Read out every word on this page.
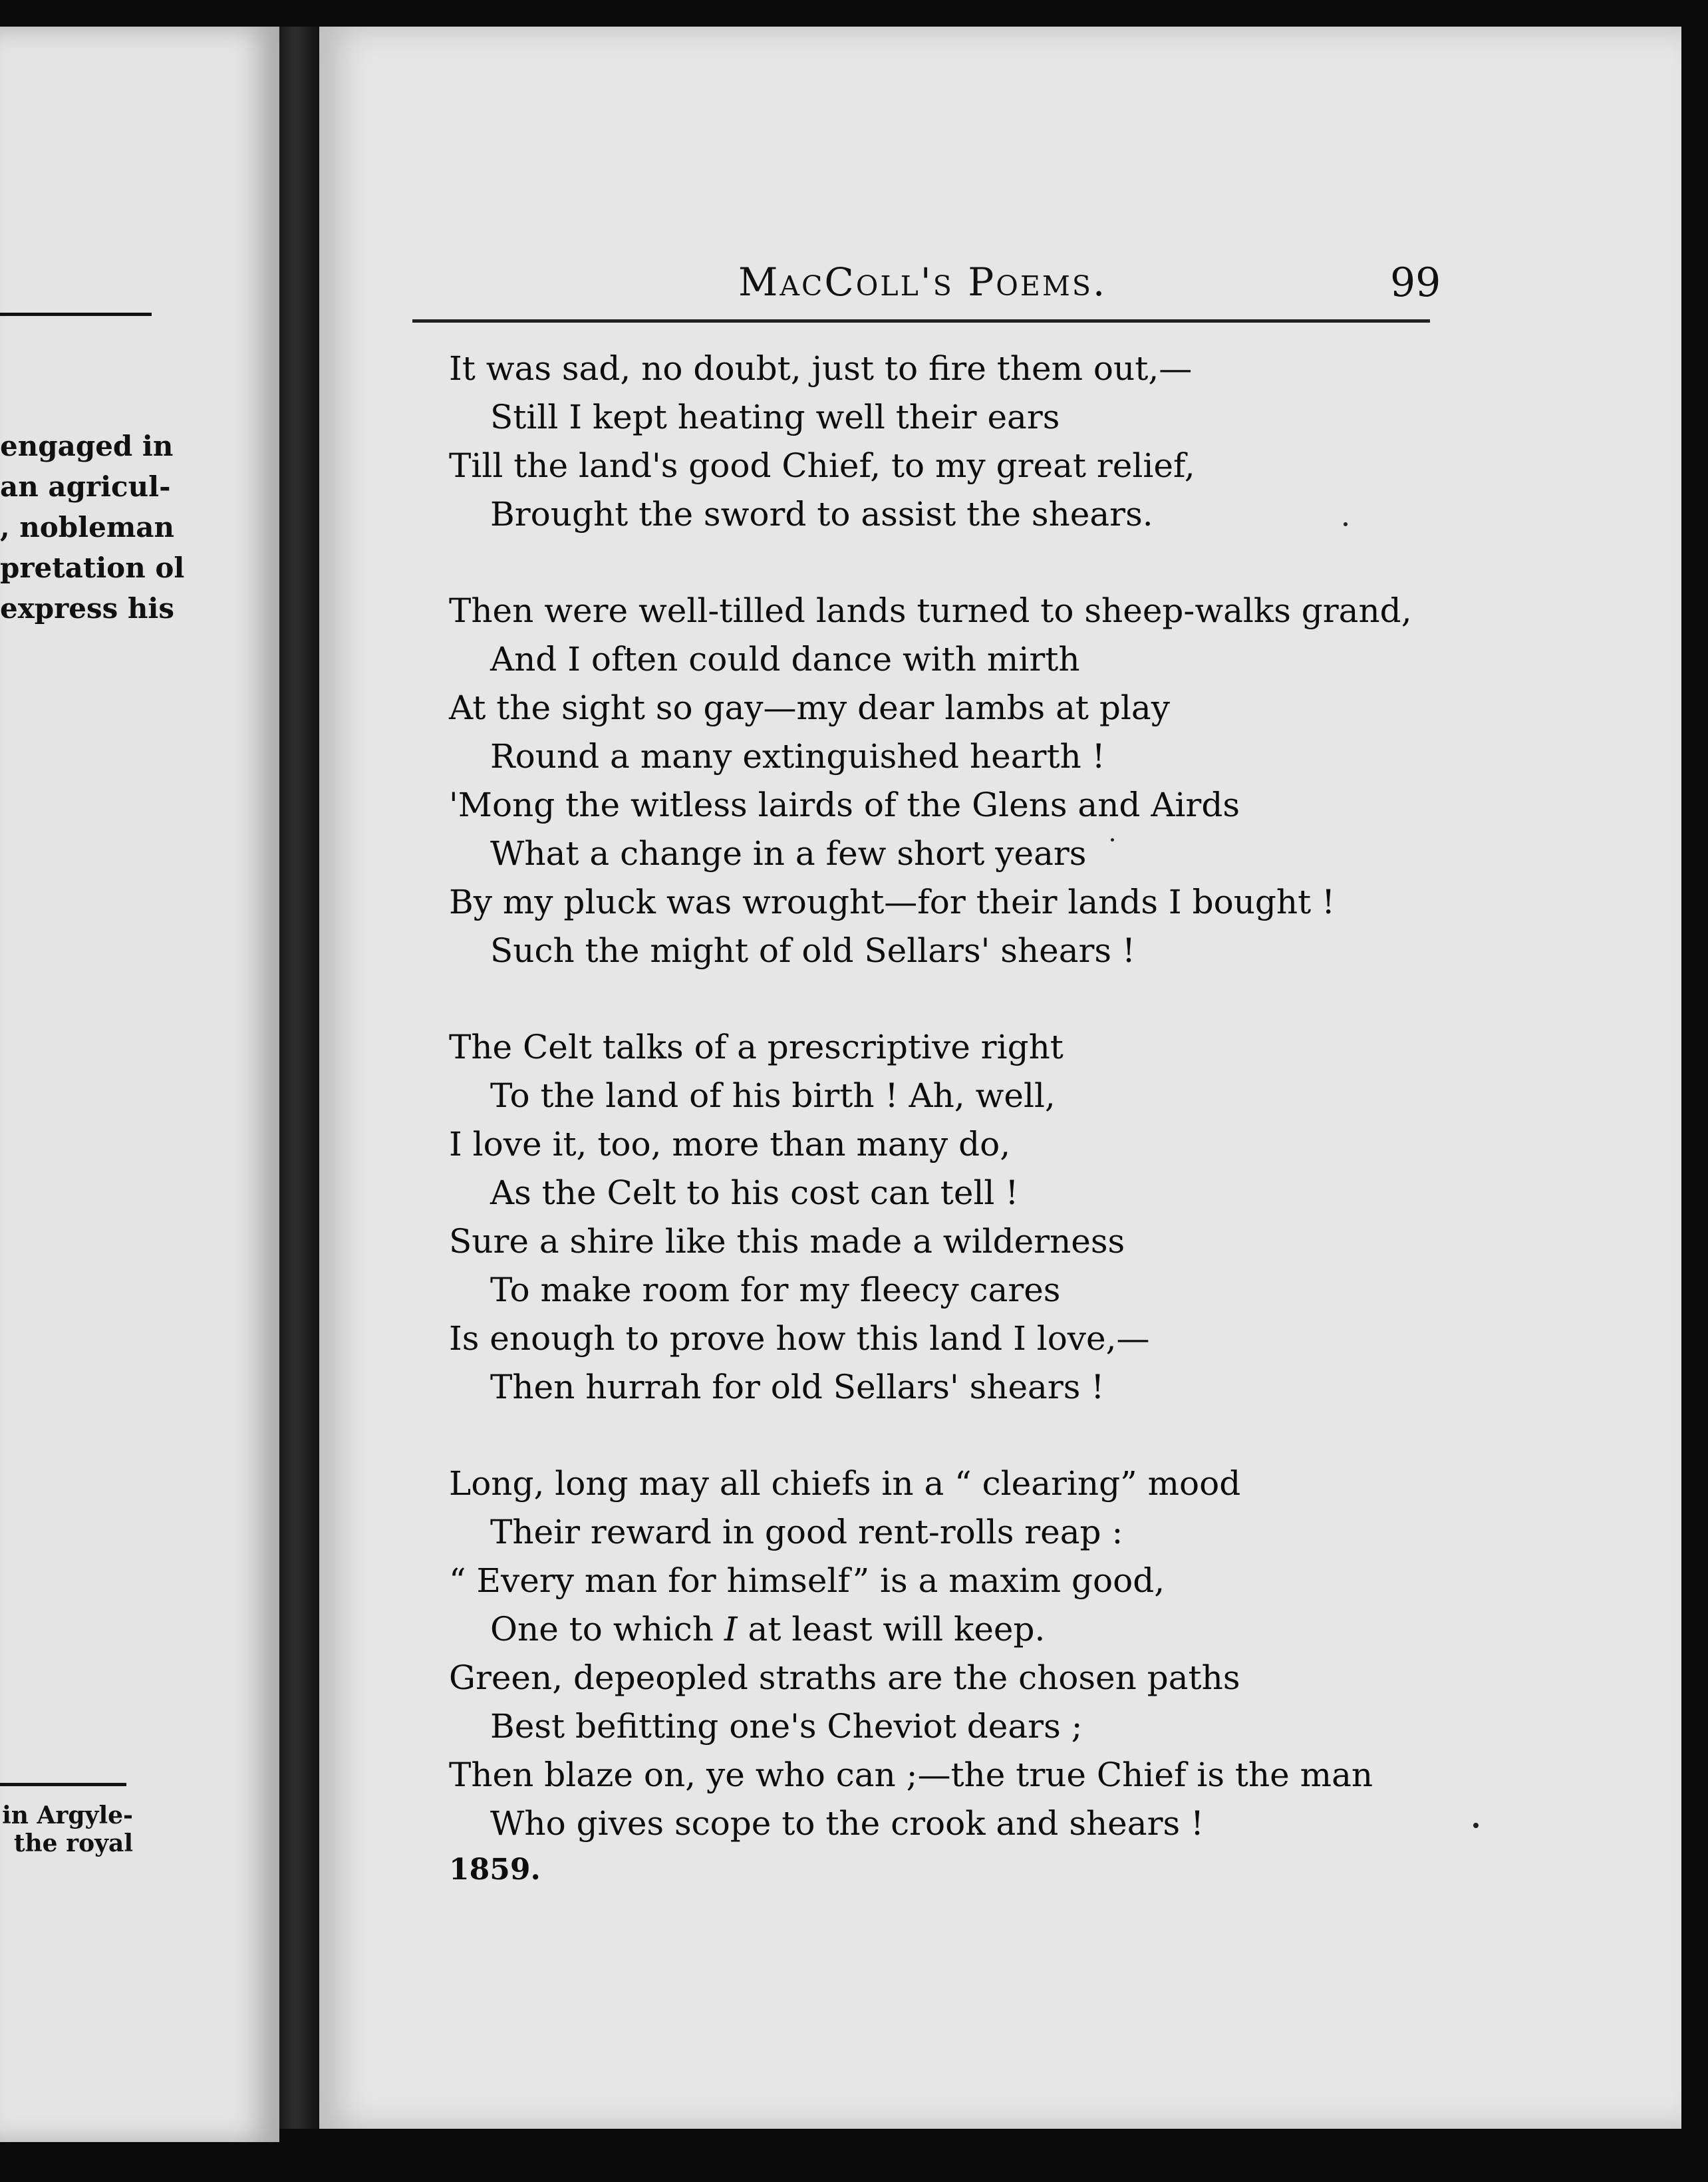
engaged in
an agricul-
, nobleman
pretation ol
express his
in Argyle-
the royal
MacColl's Poems.	99
It was sad, no doubt, just to fire them out,—
Still I kept heating well their ears
Till the land's good Chief, to my great relief,
Brought the sword to assist the shears.
Then were well-tilled lands turned to sheep-walks grand,
And I often could dance with mirth
At the sight so gay—my dear lambs at play
Round a many extinguished hearth !
'Mong the witless lairds of the Glens and Airds
What a change in a few short years
By my pluck was wrought—for their lands I bought !
Such the might of old Sellars' shears !
The Celt talks of a prescriptive right
To the land of his birth ! Ah, well,
I love it, too, more than many do,
As the Celt to his cost can tell !
Sure a shire like this made a wilderness
To make room for my fleecy cares
Is enough to prove how this land I love,—
Then hurrah for old Sellars' shears !
Long, long may all chiefs in a “ clearing” mood
Their reward in good rent-rolls reap :
“ Every man for himself” is a maxim good,
One to which I at least will keep.
Green, depeopled straths are the chosen paths
Best befitting one's Cheviot dears ;
Then blaze on, ye who can ;—the true Chief is the man
Who gives scope to the crook and shears !
1859.
